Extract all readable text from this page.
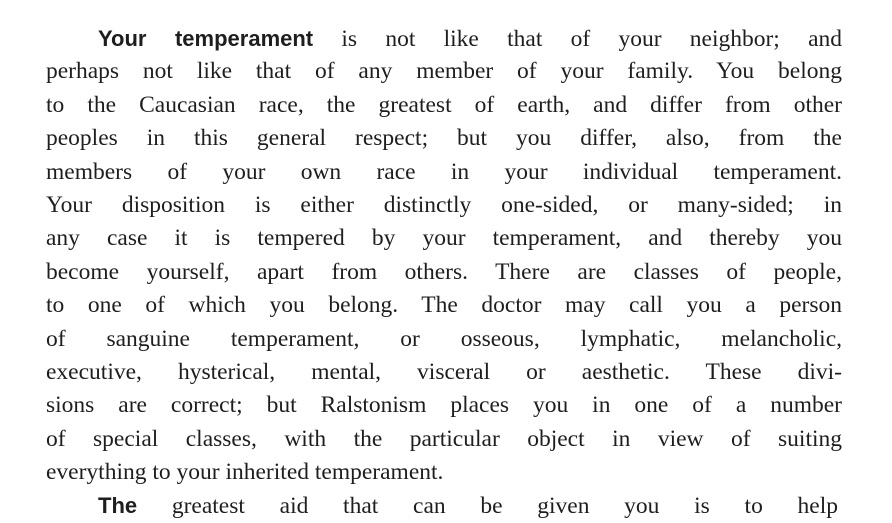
Your temperament is not like that of your neighbor; and
perhaps not like that of any member of your family. You belong
to the Caucasian race, the greatest of earth, and differ from other
peoples in this general respect; but you differ, also, from the
members of your own race in your individual temperament.
Your disposition is either distinctly one-sided, or many-sided; in
any case it is tempered by your temperament, and thereby you
become yourself, apart from others. There are classes of people,
to one of which you belong. The doctor may call you a person
of sanguine temperament, or osseous, lymphatic, melancholic,
executive, hysterical, mental, visceral or aesthetic. These divi-
sions are correct; but Ralstonism places you in one of a number
of special classes, with the particular object in view of suiting
everything to your inherited temperament.
The greatest aid that can be given you is to help
